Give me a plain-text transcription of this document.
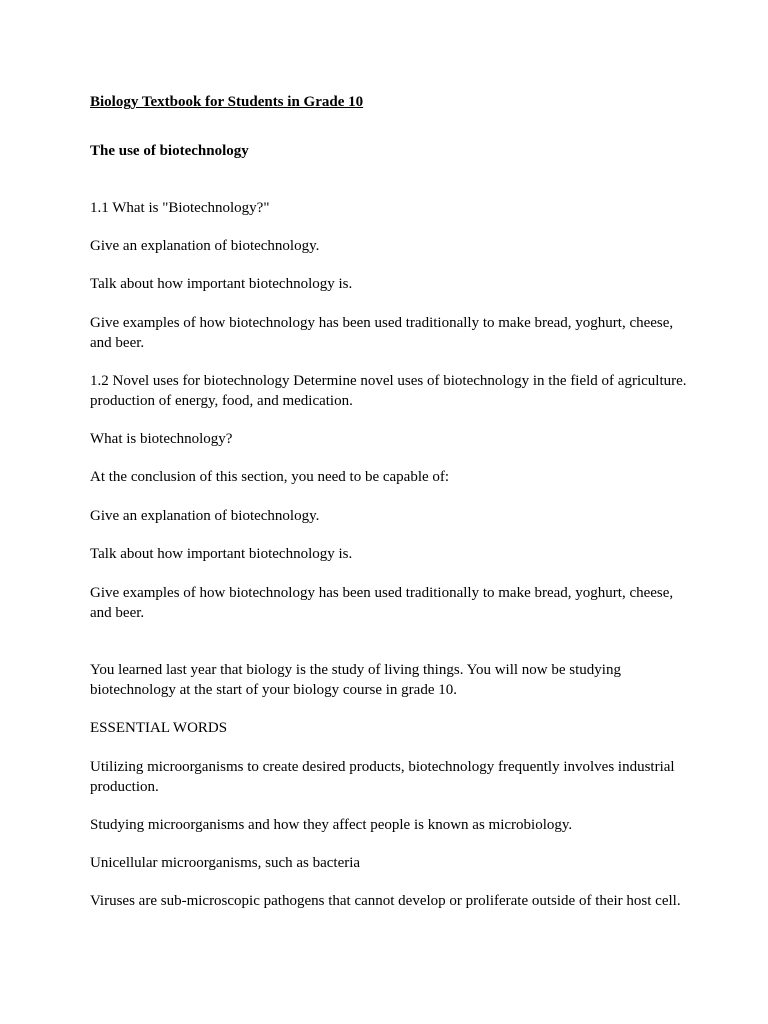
Biology Textbook for Students in Grade 10

The use of biotechnology

1.1 What is "Biotechnology?"

Give an explanation of biotechnology.

Talk about how important biotechnology is.

Give examples of how biotechnology has been used traditionally to make bread, yoghurt, cheese, and beer.

1.2 Novel uses for biotechnology Determine novel uses of biotechnology in the field of agriculture. production of energy, food, and medication.

What is biotechnology?

At the conclusion of this section, you need to be capable of:

Give an explanation of biotechnology.

Talk about how important biotechnology is.

Give examples of how biotechnology has been used traditionally to make bread, yoghurt, cheese, and beer.

You learned last year that biology is the study of living things. You will now be studying biotechnology at the start of your biology course in grade 10.

ESSENTIAL WORDS

Utilizing microorganisms to create desired products, biotechnology frequently involves industrial production.

Studying microorganisms and how they affect people is known as microbiology.

Unicellular microorganisms, such as bacteria

Viruses are sub-microscopic pathogens that cannot develop or proliferate outside of their host cell.
